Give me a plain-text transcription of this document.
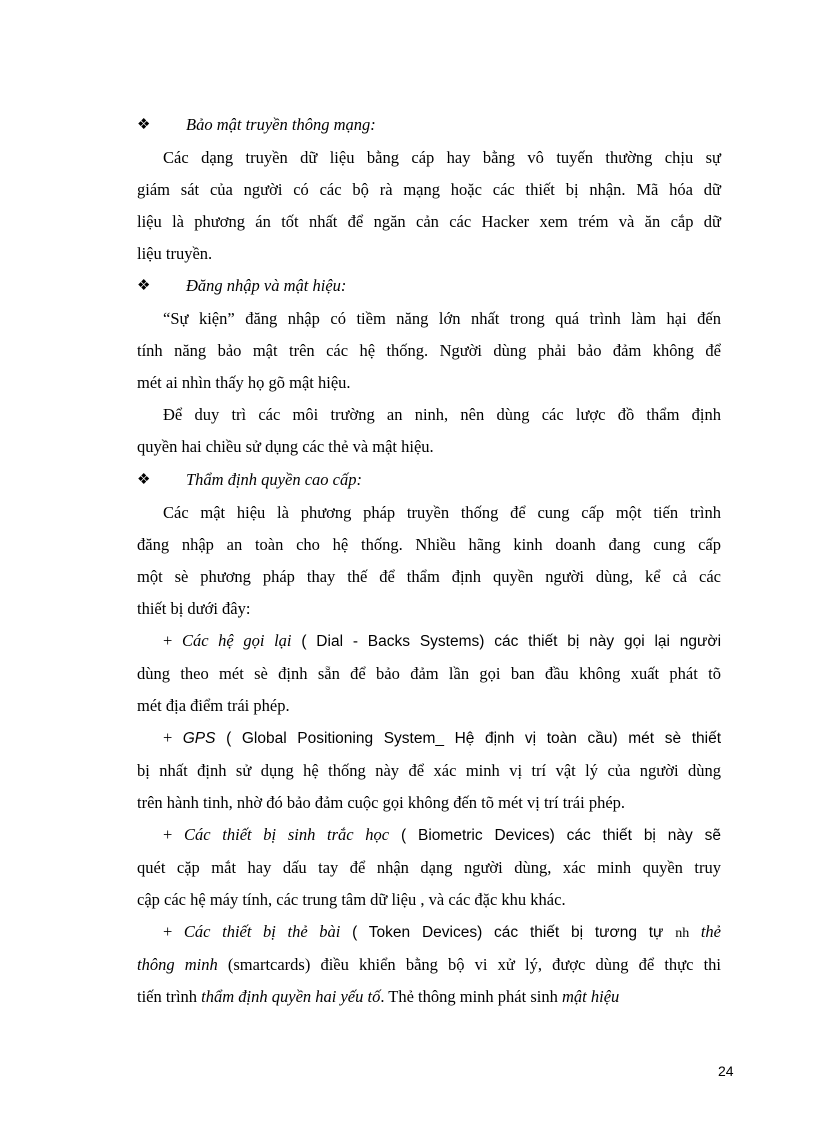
❖ Bảo mật truyền thông mạng:
Các dạng truyền dữ liệu bằng cáp hay bằng vô tuyến thường chịu sự
giám sát của người có các bộ rà mạng hoặc các thiết bị nhận. Mã hóa dữ
liệu là phương án tốt nhất để ngăn cản các Hacker xem trém và ăn cắp dữ
liệu truyền.
❖ Đăng nhập và mật hiệu:
“Sự kiện” đăng nhập có tiềm năng lớn nhất trong quá trình làm hại đến
tính năng bảo mật trên các hệ thống. Người dùng phải bảo đảm không để
mét ai nhìn thấy họ gõ mật hiệu.
Để duy trì các môi trường an ninh, nên dùng các lược đồ thẩm định
quyền hai chiều sử dụng các thẻ và mật hiệu.
❖ Thẩm định quyền cao cấp:
Các mật hiệu là phương pháp truyền thống để cung cấp một tiến trình
đăng nhập an toàn cho hệ thống. Nhiều hãng kinh doanh đang cung cấp
một sè phương pháp thay thế để thẩm định quyền người dùng, kể cả các
thiết bị dưới đây:
+ Các hệ gọi lại ( Dial - Backs Systems) các thiết bị này gọi lại người
dùng theo mét sè định sẵn để bảo đảm lần gọi ban đầu không xuất phát tõ
mét địa điểm trái phép.
+ GPS ( Global Positioning System_ Hệ định vị toàn cầu) mét sè thiết
bị nhất định sử dụng hệ thống này để xác minh vị trí vật lý của người dùng
trên hành tinh, nhờ đó bảo đảm cuộc gọi không đến tõ mét vị trí trái phép.
+ Các thiết bị sinh trắc học ( Biometric Devices) các thiết bị này sẽ
quét cặp mắt hay dấu tay để nhận dạng người dùng, xác minh quyền truy
cập các hệ máy tính, các trung tâm dữ liệu , và các đặc khu khác.
+ Các thiết bị thẻ bài ( Token Devices) các thiết bị tương tự nh thẻ
thông minh (smartcards) điều khiển bằng bộ vi xử lý, được dùng để thực thi
tiến trình thẩm định quyền hai yếu tố. Thẻ thông minh phát sinh mật hiệu
24
